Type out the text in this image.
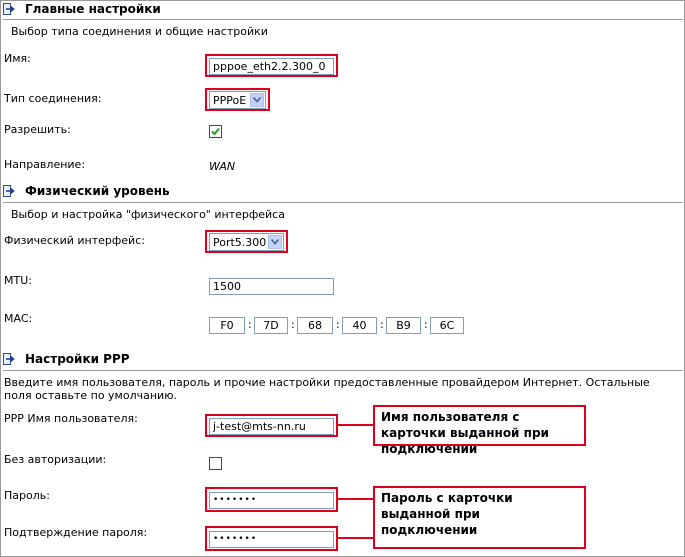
Главные настройки
Выбор типа соединения и общие настройки
Имя:
pppoe_eth2.2.300_0
Тип соединения:	PPPoE
Разрешить:
Направление:	WAN
Физический уровень
Выбор и настройка "физического" интерфейса
Физический интерфейс:	Port5.300
MTU:	1500
MAC:
F0	:	7D	:	68	:	40	:	B9	:	6C
Настройки PPP
Введите имя пользователя, пароль и прочие настройки предоставленные провайдером Интернет. Остальные поля оставьте по умолчанию.
PPP Имя пользователя:
j-test@mts-nn.ru
Имя пользователя с карточки выданной при подключении
Без авторизации:
Пароль:	•••••••	Пароль с карточки выданной при подключении
Подтверждение пароля:	•••••••
